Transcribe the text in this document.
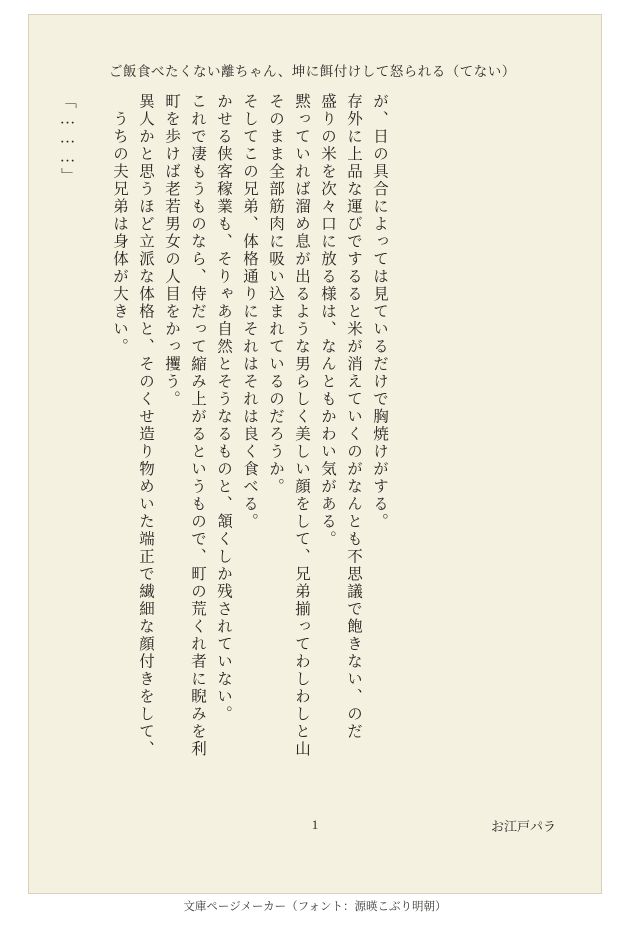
ご飯食べたくない離ちゃん、坤に餌付けして怒られる（てない）
「………」	　うちの夫兄弟は身体が大きい。 異人かと思うほど立派な体格と、そのくせ造り物めいた端正で繊細な顔付きをして、 町を歩けば老若男女の人目をかっ攫う。 これで凄もうものなら、侍だって縮み上がるというもので、町の荒くれ者に睨みを利 かせる侠客稼業も、そりゃあ自然とそうなるものと、頷くしか残されていない。 そしてこの兄弟、体格通りにそれはそれは良く食べる。 そのまま全部筋肉に吸い込まれているのだろうか。 黙っていれば溜め息が出るような男らしく美しい顔をして、兄弟揃ってわしわしと山 盛りの米を次々口に放る様は、なんともかわい気がある。 存外に上品な運びでするると米が消えていくのがなんとも不思議で飽きない、のだ が、日の具合によっては見ているだけで胸焼けがする。
1	お江戸パラ
文庫ページメーカー（フォント：源暎こぶり明朝）
